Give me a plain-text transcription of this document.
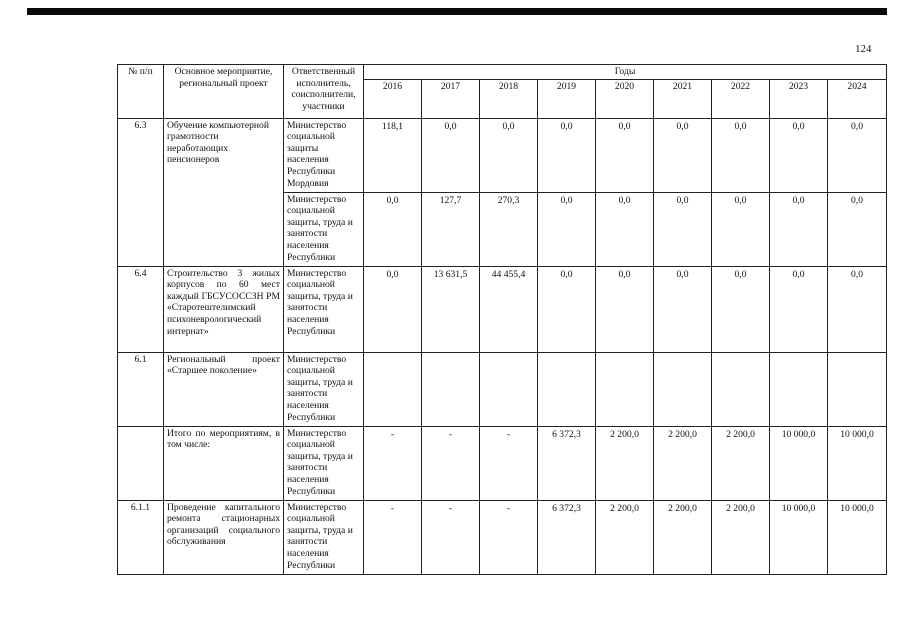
124
№ п/п	Основное мероприятие, региональный проект	Ответственный исполнитель, соисполнители, участники	Годы								
			2016	2017	2018	2019	2020	2021	2022	2023	2024
6.3	Обучение компьютерной грамотности неработающих пенсионеров	Министерство социальной защиты населения Республики Мордовия	118,1	0,0	0,0	0,0	0,0	0,0	0,0	0,0	0,0
		Министерство социальной защиты, труда и занятости населения Республики	0,0	127,7	270,3	0,0	0,0	0,0	0,0	0,0	0,0
6.4	Строительство 3 жилых корпусов по 60 мест каждый ГБСУСОССЗН РМ «Старотештелимский психоневрологический интернат»	Министерство социальной защиты, труда и занятости населения Республики	0,0	13 631,5	44 455,4	0,0	0,0	0,0	0,0	0,0	0,0
6.1	Региональный проект «Старшее поколение»	Министерство социальной защиты, труда и занятости населения Республики									
	Итого по мероприятиям, в том числе:	Министерство социальной защиты, труда и занятости населения Республики	-	-	-	6 372,3	2 200,0	2 200,0	2 200,0	10 000,0	10 000,0
6.1.1	Проведение капитального ремонта стационарных организаций социального обслуживания	Министерство социальной защиты, труда и занятости населения Республики	-	-	-	6 372,3	2 200,0	2 200,0	2 200,0	10 000,0	10 000,0
